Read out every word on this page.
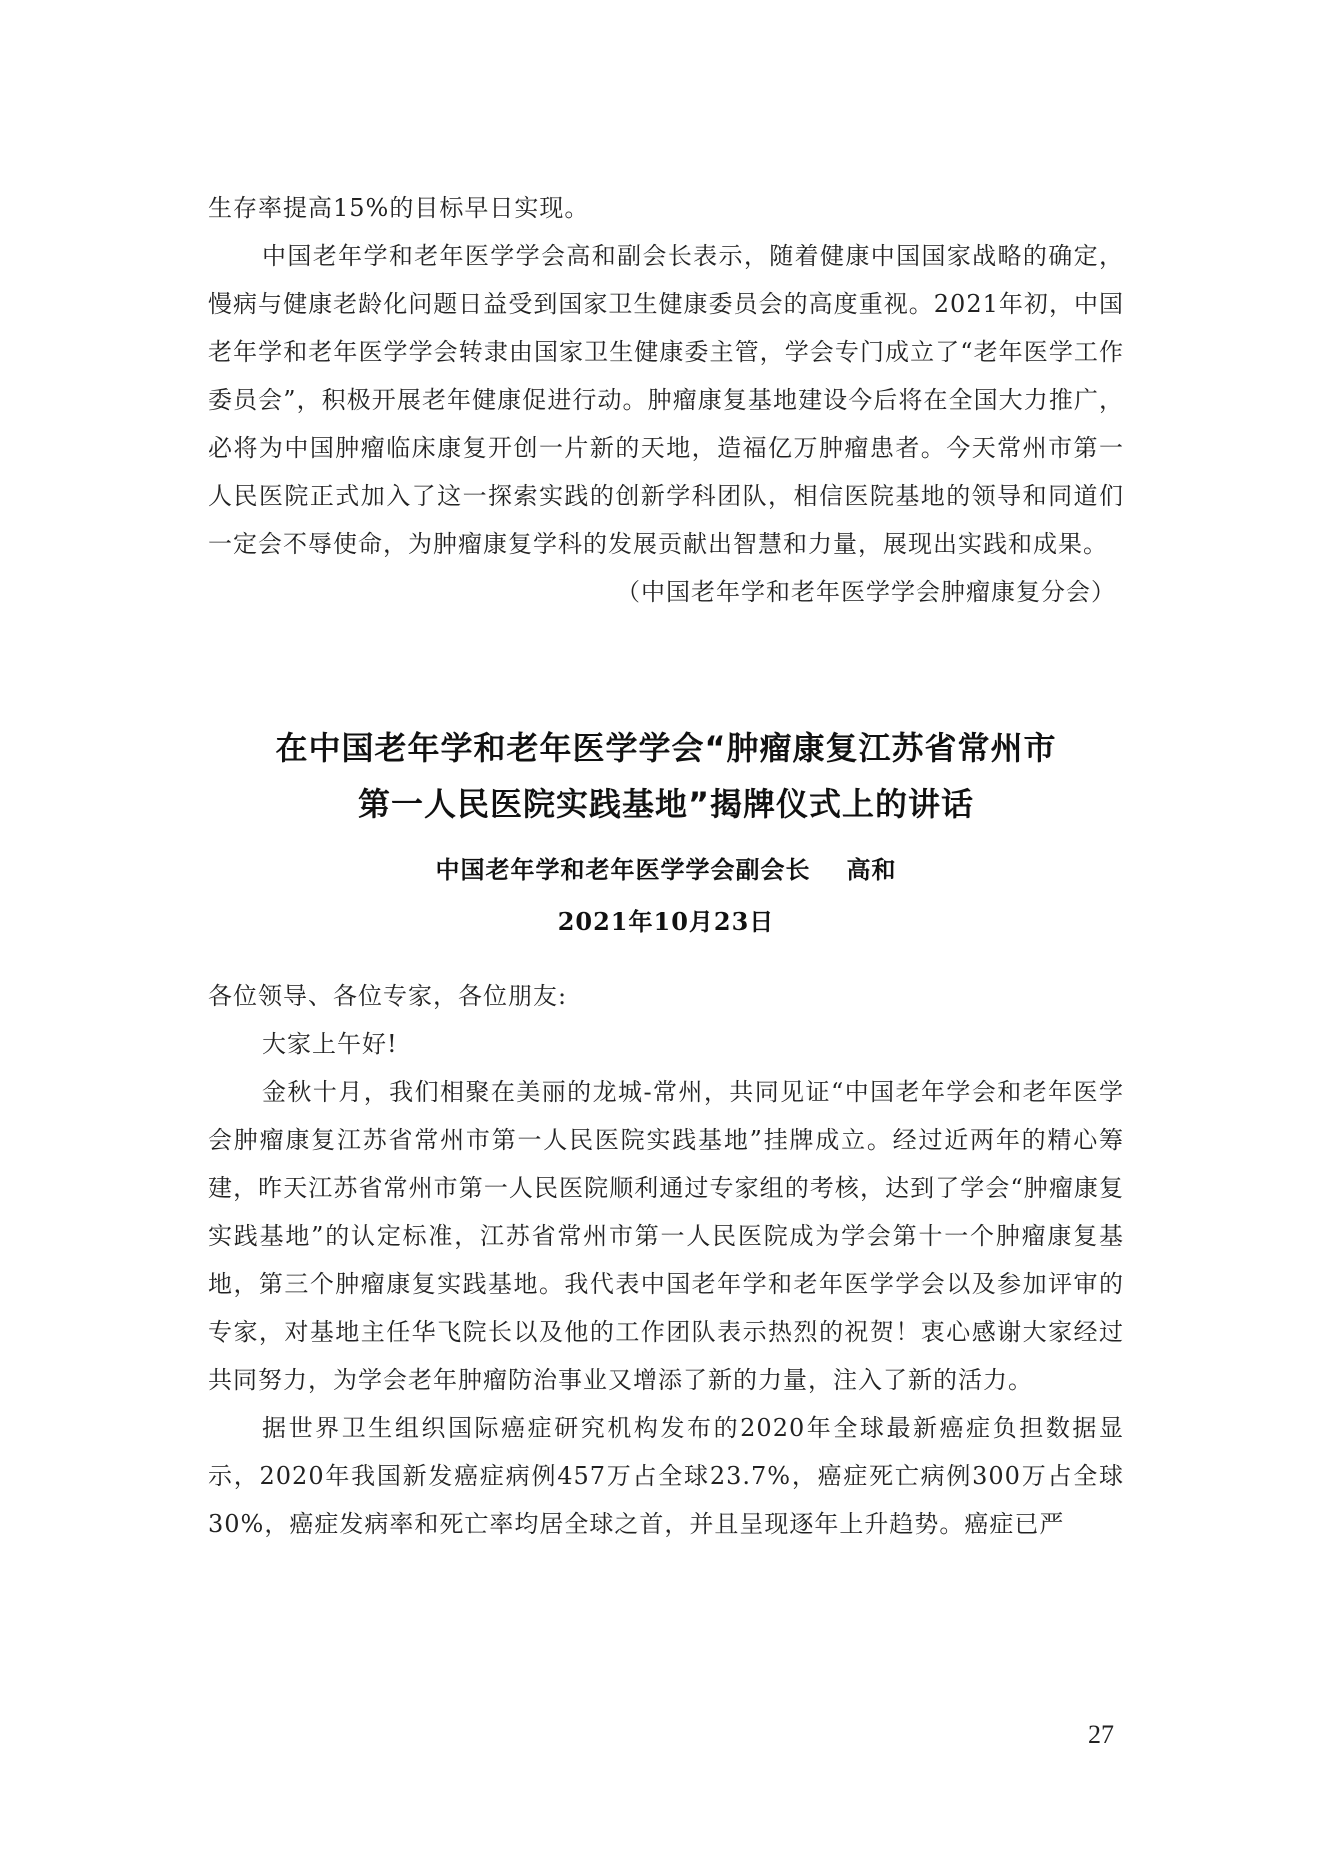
生存率提高15%的目标早日实现。

中国老年学和老年医学学会高和副会长表示，随着健康中国国家战略的确定，慢病与健康老龄化问题日益受到国家卫生健康委员会的高度重视。2021年初，中国老年学和老年医学学会转隶由国家卫生健康委主管，学会专门成立了“老年医学工作委员会”，积极开展老年健康促进行动。肿瘤康复基地建设今后将在全国大力推广，必将为中国肿瘤临床康复开创一片新的天地，造福亿万肿瘤患者。今天常州市第一人民医院正式加入了这一探索实践的创新学科团队，相信医院基地的领导和同道们一定会不辱使命，为肿瘤康复学科的发展贡献出智慧和力量，展现出实践和成果。

（中国老年学和老年医学学会肿瘤康复分会）

在中国老年学和老年医学学会“肿瘤康复江苏省常州市
第一人民医院实践基地”揭牌仪式上的讲话

中国老年学和老年医学学会副会长 高和

2021年10月23日

各位领导、各位专家，各位朋友:

大家上午好!

金秋十月，我们相聚在美丽的龙城-常州，共同见证“中国老年学会和老年医学会肿瘤康复江苏省常州市第一人民医院实践基地”挂牌成立。经过近两年的精心筹建，昨天江苏省常州市第一人民医院顺利通过专家组的考核，达到了学会“肿瘤康复实践基地”的认定标准，江苏省常州市第一人民医院成为学会第十一个肿瘤康复基地，第三个肿瘤康复实践基地。我代表中国老年学和老年医学学会以及参加评审的专家，对基地主任华飞院长以及他的工作团队表示热烈的祝贺！衷心感谢大家经过共同努力，为学会老年肿瘤防治事业又增添了新的力量，注入了新的活力。

据世界卫生组织国际癌症研究机构发布的2020年全球最新癌症负担数据显示，2020年我国新发癌症病例457万占全球23.7%，癌症死亡病例300万占全球30%，癌症发病率和死亡率均居全球之首，并且呈现逐年上升趋势。癌症已严

27
